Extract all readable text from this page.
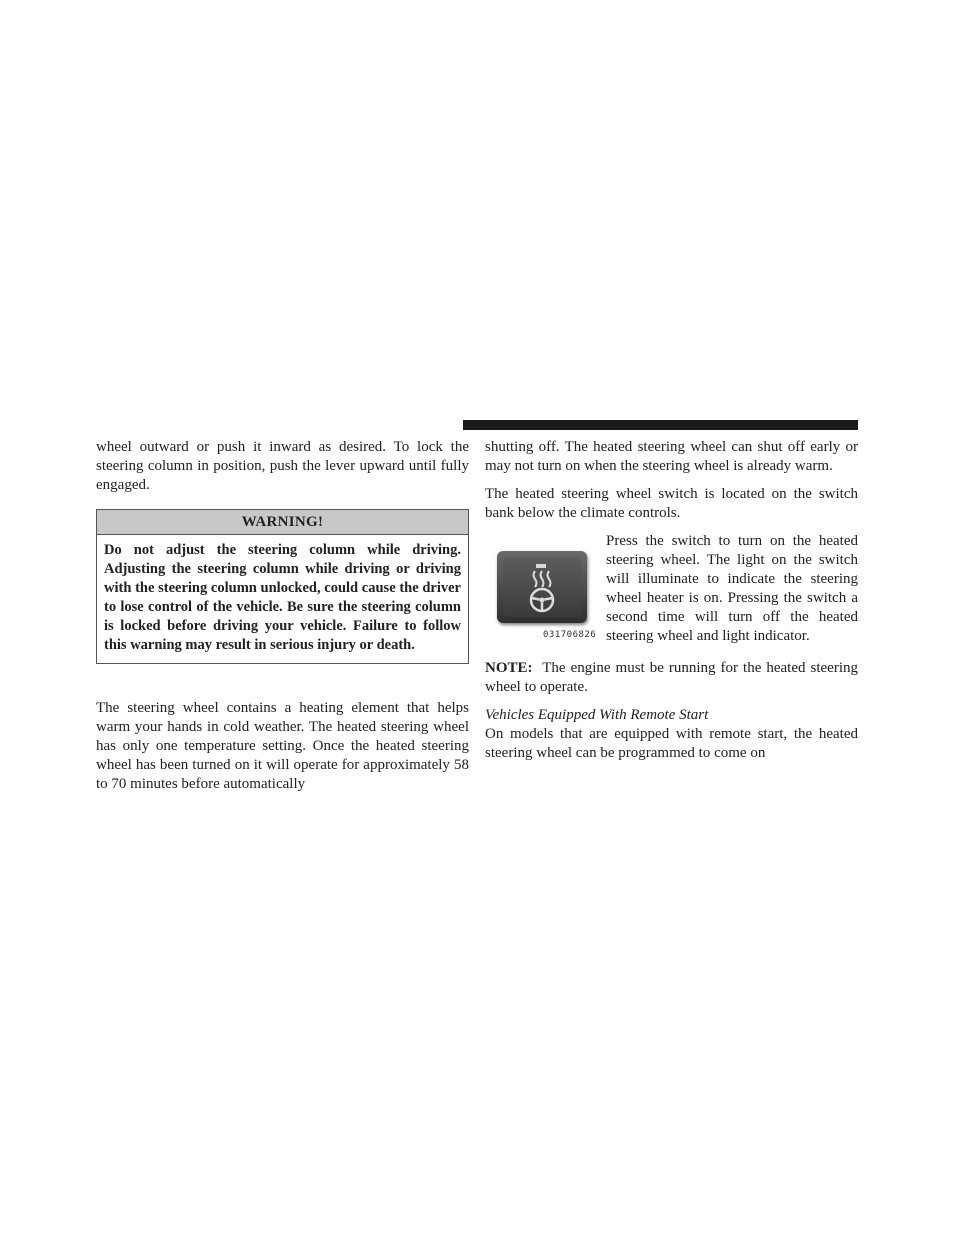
wheel outward or push it inward as desired. To lock the steering column in position, push the lever upward until fully engaged.

WARNING!
Do not adjust the steering column while driving. Adjusting the steering column while driving or driving with the steering column unlocked, could cause the driver to lose control of the vehicle. Be sure the steering column is locked before driving your vehicle. Failure to follow this warning may result in serious injury or death.

The steering wheel contains a heating element that helps warm your hands in cold weather. The heated steering wheel has only one temperature setting. Once the heated steering wheel has been turned on it will operate for approximately 58 to 70 minutes before automatically

shutting off. The heated steering wheel can shut off early or may not turn on when the steering wheel is already warm.

The heated steering wheel switch is located on the switch bank below the climate controls.

031706826

Press the switch to turn on the heated steering wheel. The light on the switch will illuminate to indicate the steering wheel heater is on. Pressing the switch a second time will turn off the heated steering wheel and light indicator.

NOTE: The engine must be running for the heated steering wheel to operate.

Vehicles Equipped With Remote Start

On models that are equipped with remote start, the heated steering wheel can be programmed to come on
